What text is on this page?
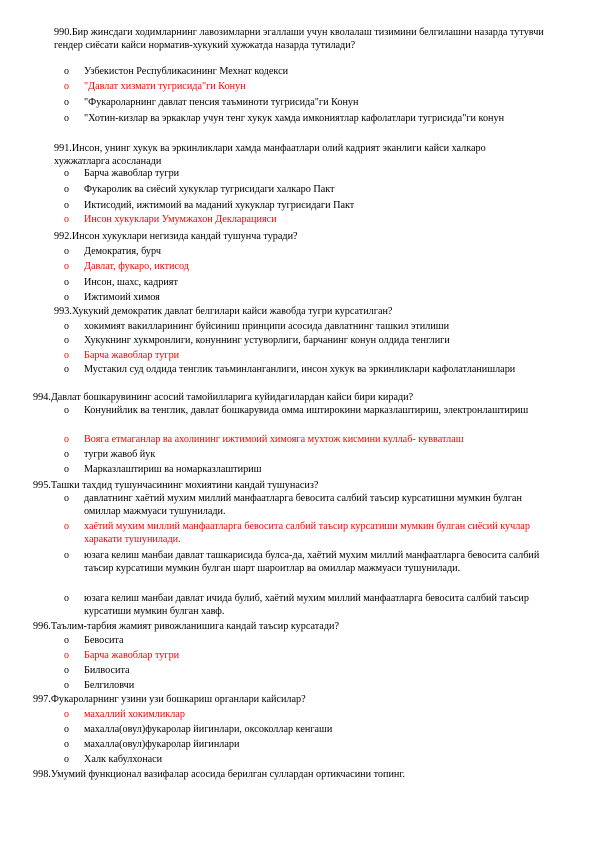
990.Бир жинсдаги ходимларнинг лавозимларни эгаллаши учун кволалаш тизимини белгилашни назарда тутувчи гендер сиёсати кайси норматив-хукукий хужжатда назарда тутилади?
o	Узбекистон Республикасининг Мехнат кодекси
o	"Давлат хизмати тугрисида"ги Конун
o	"Фукароларнинг давлат пенсия таъминоти тугрисида"ги Конун
o	"Хотин-кизлар ва эркаклар учун тенг хукук хамда имкониятлар кафолатлари тугрисида"ги конун
991.Инсон, унинг хукук ва эркинликлари хамда манфаатлари олий кадрият эканлиги кайси халкаро хужжатларга асосланади
o	Барча жавоблар тугри
o	Фукаролик ва сиёсий хукуклар тугрисидаги халкаро Пакт
o	Иктисодий, ижтимоий ва маданий хукуклар тугрисидаги Пакт
o	Инсон хукуклари Умумжахон Декларацияси
992.Инсон хукуклари негизида кандай тушунча туради?
o	Демократия, бурч
o	Давлат, фукаро, иктисод
o	Инсон, шахс, кадрият
o	Ижтимоий химоя
993.Хукукий демократик давлат белгилари кайси жавобда тугри курсатилган?
o	хокимият вакилларининг буйсиниш принципи асосида давлатнинг ташкил этилиши
o	Хукукнинг хукмронлиги, конуннинг устуворлиги, барчанинг конун олдида тенглиги
o	Барча жавоблар тугри
o	Мустакил суд олдида тенглик таъминланганлиги, инсон хукук ва эркинликлари кафолатланишлари
994.Давлат бошкарувининг асосий тамойилларига куйидагилардан кайси бири киради?
o	Конунийлик ва тенглик, давлат бошкарувида омма иштирокини марказлаштириш, электронлаштириш
o	Вояга етмаганлар ва ахолининг ижтимоий химояга мухтож кисмини куллаб- кувватлаш
o	тугри жавоб йук
o	Марказлаштириш ва номарказлаштириш
995.Ташки тахдид тушунчасининг мохиятини кандай тушунасиз?
o	давлатнинг хаётий мухим миллий манфаатларга бевосита салбий таъсир курсатишни мумкин булган омиллар мажмуаси тушунилади.
o	хаётий мухим миллий манфаатларга бевосита салбий таъсир курсатиши мумкин булган сиёсий кучлар харакати тушунилади.
o	юзага келиш манбаи давлат ташкарисида булса-да, хаётий мухим миллий манфаатларга бевосита салбий таъсир курсатиши мумкин булган шарт шароитлар ва омиллар мажмуаси тушунилади.
o	юзага келиш манбаи давлат ичида булиб, хаётий мухим миллий манфаатларга бевосита салбий таъсир курсатиши мумкин булган хавф.
996.Таълим-тарбия жамият ривожланишига кандай таъсир курсатади?
o	Бевосита
o	Барча жавоблар тугри
o	Билвосита
o	Белгиловчи
997.Фукароларнинг узини узи бошкариш органлари кайсилар?
o	махаллий хокимликлар
o	махалла(овул)фукаролар йигинлари, оксоколлар кенгаши
o	махалла(овул)фукаролар йигинлари
o	Халк кабулхонаси
998.Умумий функционал вазифалар асосида берилган суллардан ортикчасини топинг.
